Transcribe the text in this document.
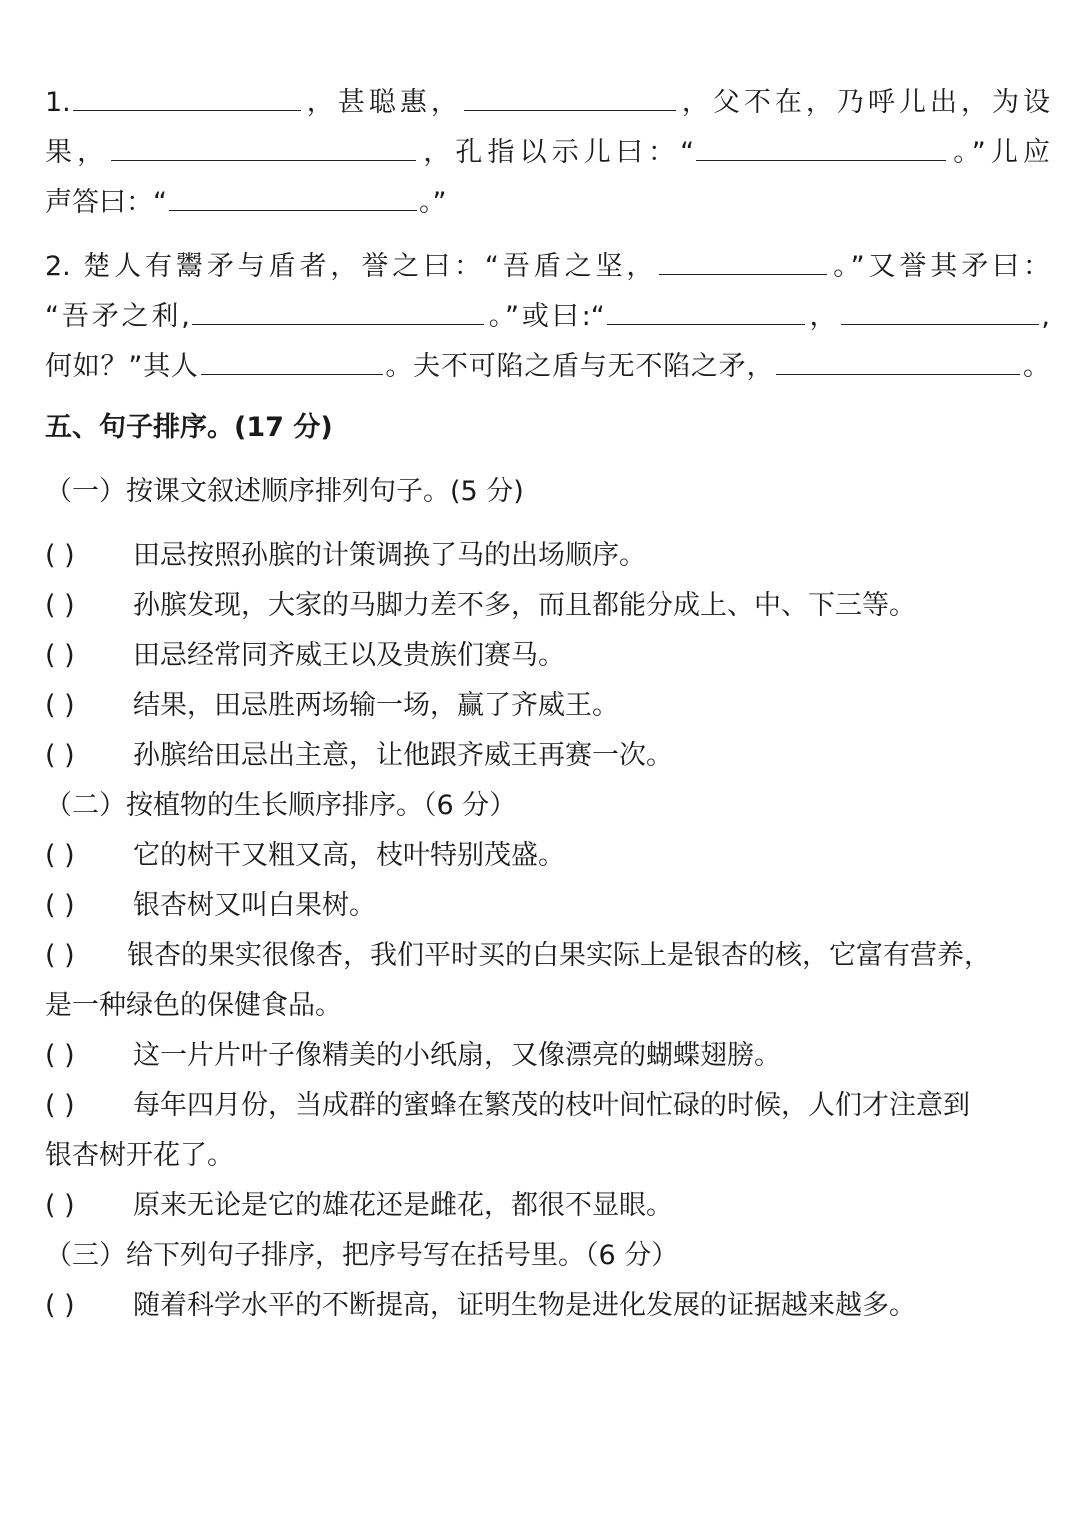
1.	，甚聪惠，	，父不在，乃呼儿出，为设
果，	，孔指以示儿曰：“	。”儿应
声答曰：“	。”
2. 楚人有鬻矛与盾者，誉之曰：“吾盾之坚，	。”又誉其矛曰：
“吾矛之利,	。”或曰:“	，	,
何如？”其人	。夫不可陷之盾与无不陷之矛，	。
五、句子排序。(17 分)
（一）按课文叙述顺序排列句子。(5 分)
( ) 田忌按照孙膑的计策调换了马的出场顺序。
( ) 孙膑发现，大家的马脚力差不多，而且都能分成上、中、下三等。
( ) 田忌经常同齐威王以及贵族们赛马。
( ) 结果，田忌胜两场输一场，赢了齐威王。
( ) 孙膑给田忌出主意，让他跟齐威王再赛一次。
（二）按植物的生长顺序排序。（6 分）
( ) 它的树干又粗又高，枝叶特别茂盛。
( ) 银杏树又叫白果树。
( ) 银杏的果实很像杏，我们平时买的白果实际上是银杏的核，它富有营养，
是一种绿色的保健食品。
( ) 这一片片叶子像精美的小纸扇，又像漂亮的蝴蝶翅膀。
( ) 每年四月份，当成群的蜜蜂在繁茂的枝叶间忙碌的时候，人们才注意到
银杏树开花了。
( ) 原来无论是它的雄花还是雌花，都很不显眼。
（三）给下列句子排序，把序号写在括号里。（6 分）
( ) 随着科学水平的不断提高，证明生物是进化发展的证据越来越多。
